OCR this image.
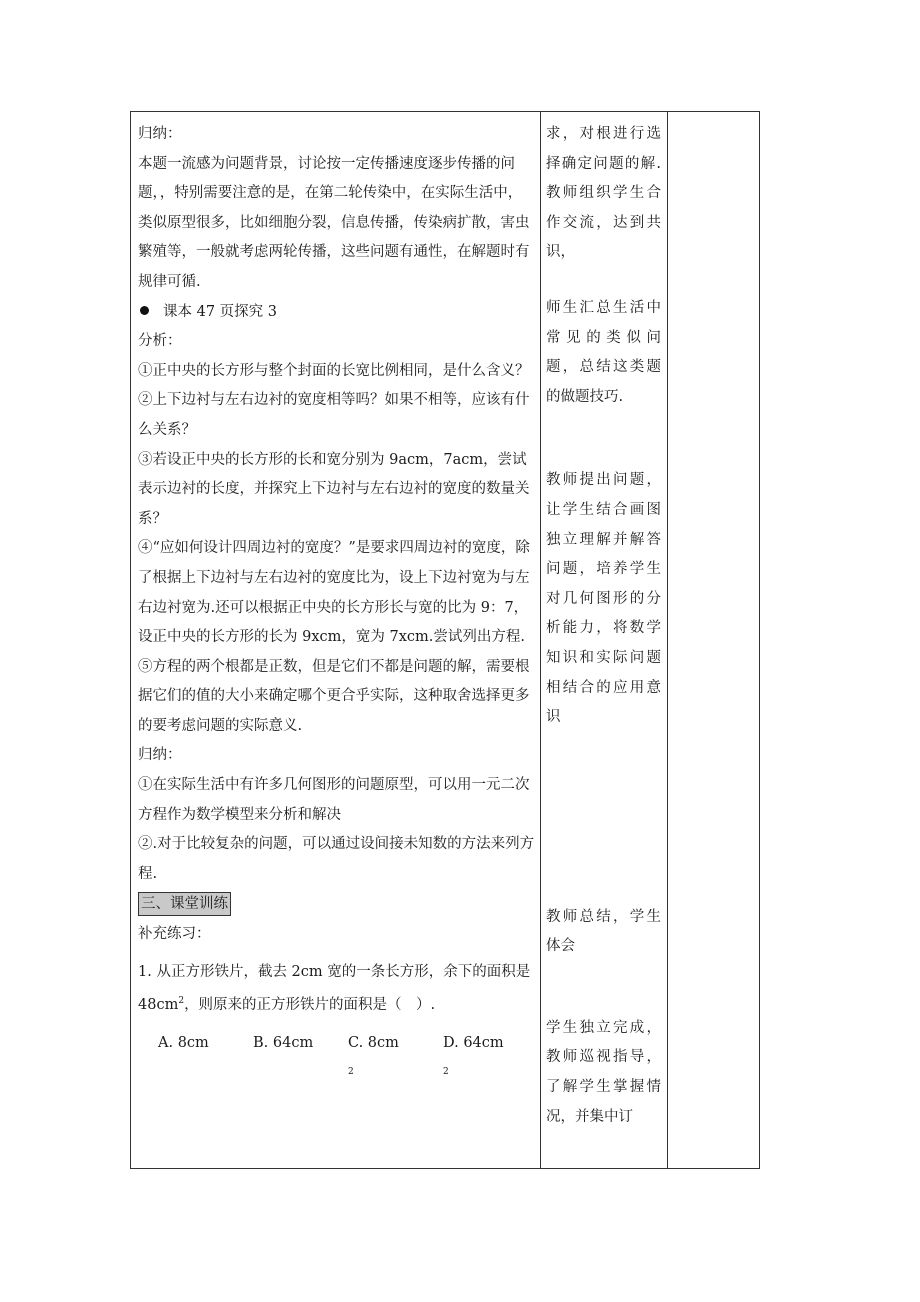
归纳：

本题一流感为问题背景，讨论按一定传播速度逐步传播的问题，，特别需要注意的是，在第二轮传染中，在实际生活中，类似原型很多，比如细胞分裂，信息传播，传染病扩散，害虫繁殖等，一般就考虑两轮传播，这些问题有通性，在解题时有规律可循.

课本 47 页探究 3

分析：

①正中央的长方形与整个封面的长宽比例相同，是什么含义？

②上下边衬与左右边衬的宽度相等吗？如果不相等，应该有什么关系？

③若设正中央的长方形的长和宽分别为 9acm，7acm，尝试表示边衬的长度，并探究上下边衬与左右边衬的宽度的数量关系？

④“应如何设计四周边衬的宽度？”是要求四周边衬的宽度，除了根据上下边衬与左右边衬的宽度比为，设上下边衬宽为与左右边衬宽为.还可以根据正中央的长方形长与宽的比为 9：7，设正中央的长方形的长为 9xcm，宽为 7xcm.尝试列出方程.

⑤方程的两个根都是正数，但是它们不都是问题的解，需要根据它们的值的大小来确定哪个更合乎实际，这种取舍选择更多的要考虑问题的实际意义.

归纳：

①在实际生活中有许多几何图形的问题原型，可以用一元二次方程作为数学模型来分析和解决

②.对于比较复杂的问题，可以通过设间接未知数的方法来列方程.

三、课堂训练

补充练习：

1. 从正方形铁片，截去 2cm 宽的一条长方形，余下的面积是 $48cm^2$，则原来的正方形铁片的面积是（　）.

A. 8cm	B. 64cm	C. $8cm^2$
D. $64cm^2$

求，对根进行选择确定问题的解. 教师组织学生合作交流，达到共识，

师生汇总生活中常见的类似问题，总结这类题的做题技巧.

教师提出问题，让学生结合画图独立理解并解答问题，培养学生对几何图形的分析能力，将数学知识和实际问题相结合的应用意识

教师总结，学生体会

学生独立完成，教师巡视指导，了解学生掌握情况，并集中订
